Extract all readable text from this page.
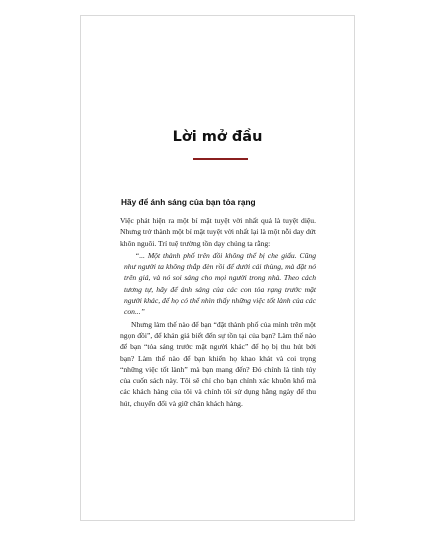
Lời mở đầu
Hãy để ánh sáng của bạn tỏa rạng

Việc phát hiện ra một bí mật tuyệt vời nhất quả là tuyệt diệu. Nhưng trở thành một bí mật tuyệt vời nhất lại là một nỗi day dứt khôn nguôi. Trí tuệ trường tồn dạy chúng ta rằng:

“... Một thành phố trên đồi không thể bị che giấu. Cũng như người ta không thắp đèn rồi để dưới cái thùng, mà đặt nó trên giá, và nó soi sáng cho mọi người trong nhà. Theo cách tương tự, hãy để ánh sáng của các con tỏa rạng trước mặt người khác, để họ có thể nhìn thấy những việc tốt lành của các con...”

Nhưng làm thế nào để bạn “đặt thành phố của mình trên một ngọn đồi”, để khán giả biết đến sự tồn tại của bạn? Làm thế nào để bạn “tỏa sáng trước mặt người khác” để họ bị thu hút bởi bạn? Làm thế nào để bạn khiến họ khao khát và coi trọng “những việc tốt lành” mà bạn mang đến? Đó chính là tinh túy của cuốn sách này. Tôi sẽ chỉ cho bạn chính xác khuôn khổ mà các khách hàng của tôi và chính tôi sử dụng hằng ngày để thu hút, chuyển đổi và giữ chân khách hàng.
